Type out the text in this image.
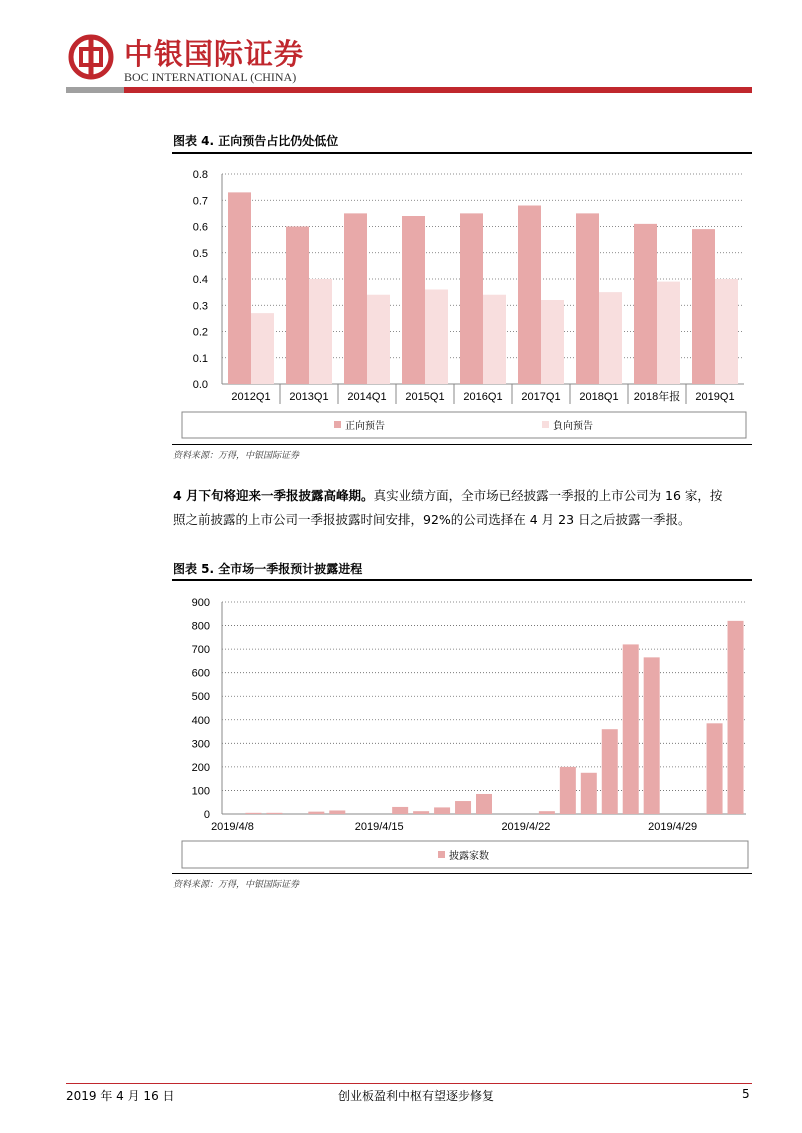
中银国际证券
BOC INTERNATIONAL (CHINA)
图表 4. 正向预告占比仍处低位
0.0
0.1
0.2
0.3
0.4
0.5
0.6
0.7
0.8
2012Q1 2013Q1 2014Q1 2015Q1 2016Q1 2017Q1 2018Q1 2018年报 2019Q1
正向预告	負向预告
资料来源：万得，中银国际证券
4 月下旬将迎来一季报披露高峰期。真实业绩方面，全市场已经披露一季报的上市公司为 16 家，按
照之前披露的上市公司一季报披露时间安排，92%的公司选择在 4 月 23 日之后披露一季报。
图表 5. 全市场一季报预计披露进程
0
100
200
300
400
500
600
700
800
900
2019/4/8	2019/4/15	2019/4/22	2019/4/29
披露家数
资料来源：万得，中银国际证券
2019 年 4 月 16 日	创业板盈利中枢有望逐步修复	5
